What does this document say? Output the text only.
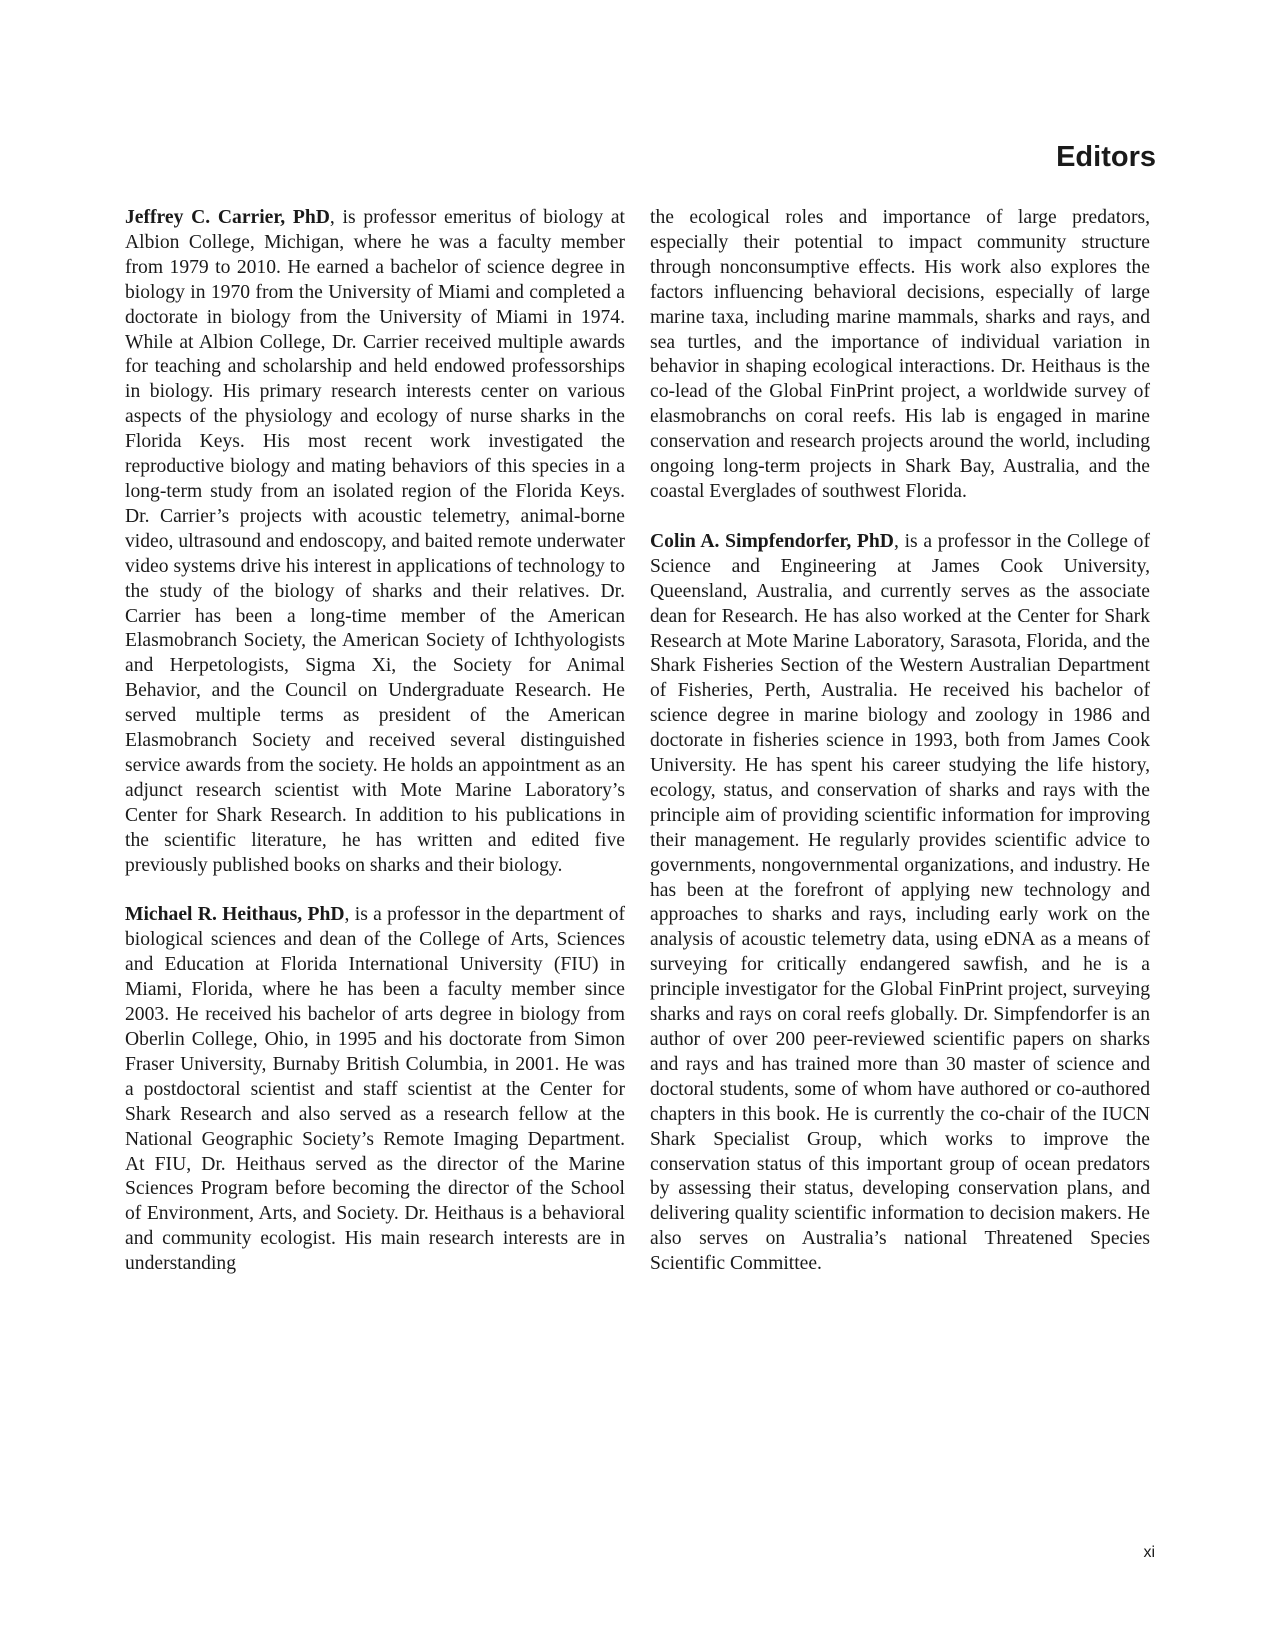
Editors

Jeffrey C. Carrier, PhD, is professor emeritus of biology at Albion College, Michigan, where he was a faculty member from 1979 to 2010. He earned a bachelor of science degree in biology in 1970 from the University of Miami and completed a doctorate in biology from the University of Miami in 1974. While at Albion College, Dr. Carrier received multiple awards for teaching and scholarship and held endowed professorships in biology. His primary research interests center on various aspects of the physiology and ecology of nurse sharks in the Florida Keys. His most recent work investigated the reproductive biology and mating behaviors of this species in a long-term study from an isolated region of the Florida Keys. Dr. Carrier’s projects with acoustic telemetry, animal-borne video, ultrasound and endoscopy, and baited remote underwater video systems drive his interest in applications of technology to the study of the biology of sharks and their relatives. Dr. Carrier has been a long-time member of the American Elasmobranch Society, the American Society of Ichthyologists and Herpetologists, Sigma Xi, the Society for Animal Behavior, and the Council on Undergraduate Research. He served multiple terms as president of the American Elasmobranch Society and received several distinguished service awards from the society. He holds an appointment as an adjunct research scientist with Mote Marine Laboratory’s Center for Shark Research. In addition to his publications in the scientific literature, he has written and edited five previously published books on sharks and their biology.

Michael R. Heithaus, PhD, is a professor in the department of biological sciences and dean of the College of Arts, Sciences and Education at Florida International University (FIU) in Miami, Florida, where he has been a faculty member since 2003. He received his bachelor of arts degree in biology from Oberlin College, Ohio, in 1995 and his doctorate from Simon Fraser University, Burnaby British Columbia, in 2001. He was a postdoctoral scientist and staff scientist at the Center for Shark Research and also served as a research fellow at the National Geographic Society’s Remote Imaging Department. At FIU, Dr. Heithaus served as the director of the Marine Sciences Program before becoming the director of the School of Environment, Arts, and Society. Dr. Heithaus is a behavioral and community ecologist. His main research interests are in understanding

the ecological roles and importance of large predators, especially their potential to impact community structure through nonconsumptive effects. His work also explores the factors influencing behavioral decisions, especially of large marine taxa, including marine mammals, sharks and rays, and sea turtles, and the importance of individual variation in behavior in shaping ecological interactions. Dr. Heithaus is the co-lead of the Global FinPrint project, a worldwide survey of elasmobranchs on coral reefs. His lab is engaged in marine conservation and research projects around the world, including ongoing long-term projects in Shark Bay, Australia, and the coastal Everglades of southwest Florida.

Colin A. Simpfendorfer, PhD, is a professor in the College of Science and Engineering at James Cook University, Queensland, Australia, and currently serves as the associate dean for Research. He has also worked at the Center for Shark Research at Mote Marine Laboratory, Sarasota, Florida, and the Shark Fisheries Section of the Western Australian Department of Fisheries, Perth, Australia. He received his bachelor of science degree in marine biology and zoology in 1986 and doctorate in fisheries science in 1993, both from James Cook University. He has spent his career studying the life history, ecology, status, and conservation of sharks and rays with the principle aim of providing scientific information for improving their management. He regularly provides scientific advice to governments, nongovernmental organizations, and industry. He has been at the forefront of applying new technology and approaches to sharks and rays, including early work on the analysis of acoustic telemetry data, using eDNA as a means of surveying for critically endangered sawfish, and he is a principle investigator for the Global FinPrint project, surveying sharks and rays on coral reefs globally. Dr. Simpfendorfer is an author of over 200 peer-reviewed scientific papers on sharks and rays and has trained more than 30 master of science and doctoral students, some of whom have authored or co-authored chapters in this book. He is currently the co-chair of the IUCN Shark Specialist Group, which works to improve the conservation status of this important group of ocean predators by assessing their status, developing conservation plans, and delivering quality scientific information to decision makers. He also serves on Australia’s national Threatened Species Scientific Committee.

xi
